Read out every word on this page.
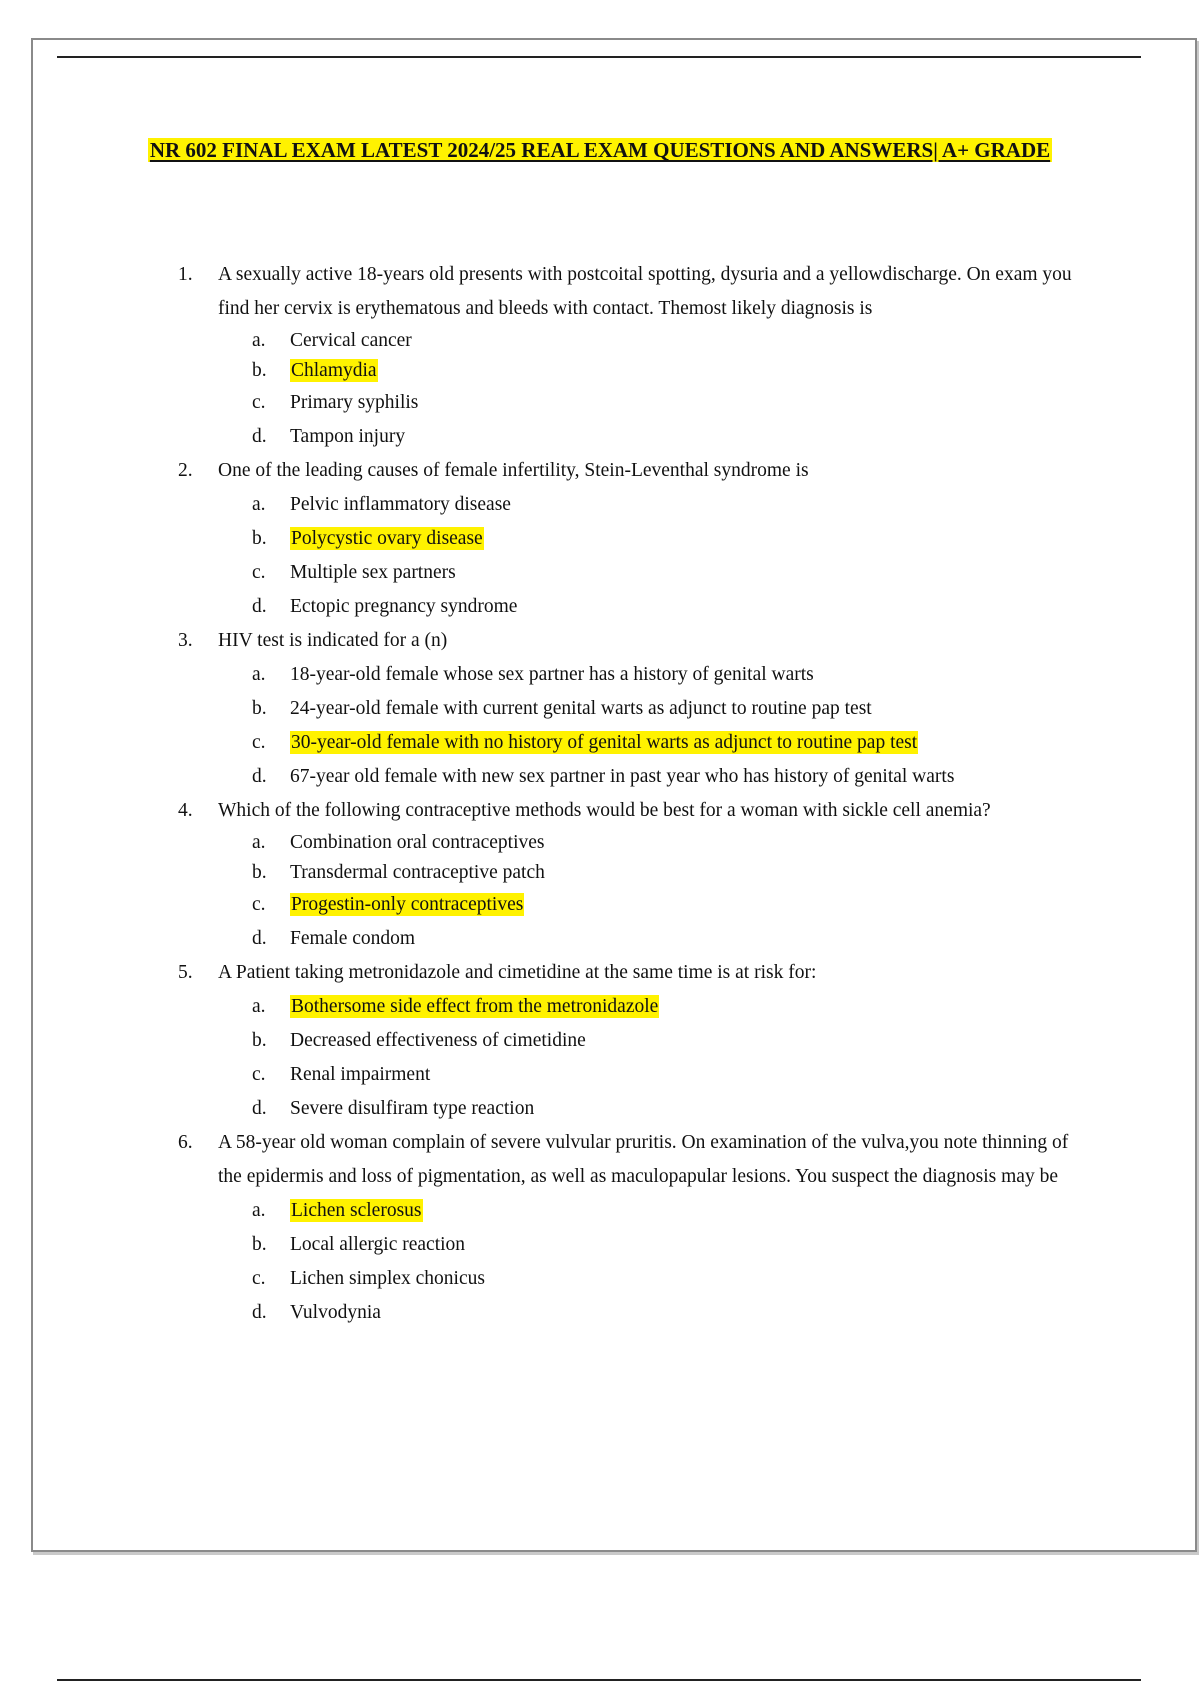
NR 602 FINAL EXAM LATEST 2024/25 REAL EXAM QUESTIONS AND ANSWERS| A+ GRADE
1.	A sexually active 18-years old presents with postcoital spotting, dysuria and a yellowdischarge. On exam you find her cervix is erythematous and bleeds with contact. Themost likely diagnosis is
a.	Cervical cancer
b.	Chlamydia
c.	Primary syphilis
d.	Tampon injury
2.	One of the leading causes of female infertility, Stein-Leventhal syndrome is
a.	Pelvic inflammatory disease
b.	Polycystic ovary disease
c.	Multiple sex partners
d.	Ectopic pregnancy syndrome
3.	HIV test is indicated for a (n)
a.	18-year-old female whose sex partner has a history of genital warts
b.	24-year-old female with current genital warts as adjunct to routine pap test
c.	30-year-old female with no history of genital warts as adjunct to routine pap test
d.	67-year old female with new sex partner in past year who has history of genital warts
4.	Which of the following contraceptive methods would be best for a woman with sickle cell anemia?
a.	Combination oral contraceptives
b.	Transdermal contraceptive patch
c.	Progestin-only contraceptives
d.	Female condom
5.	A Patient taking metronidazole and cimetidine at the same time is at risk for:
a.	Bothersome side effect from the metronidazole
b.	Decreased effectiveness of cimetidine
c.	Renal impairment
d.	Severe disulfiram type reaction
6.	A 58-year old woman complain of severe vulvular pruritis. On examination of the vulva,you note thinning of the epidermis and loss of pigmentation, as well as maculopapular lesions. You suspect the diagnosis may be
a.	Lichen sclerosus
b.	Local allergic reaction
c.	Lichen simplex chonicus
d.	Vulvodynia
